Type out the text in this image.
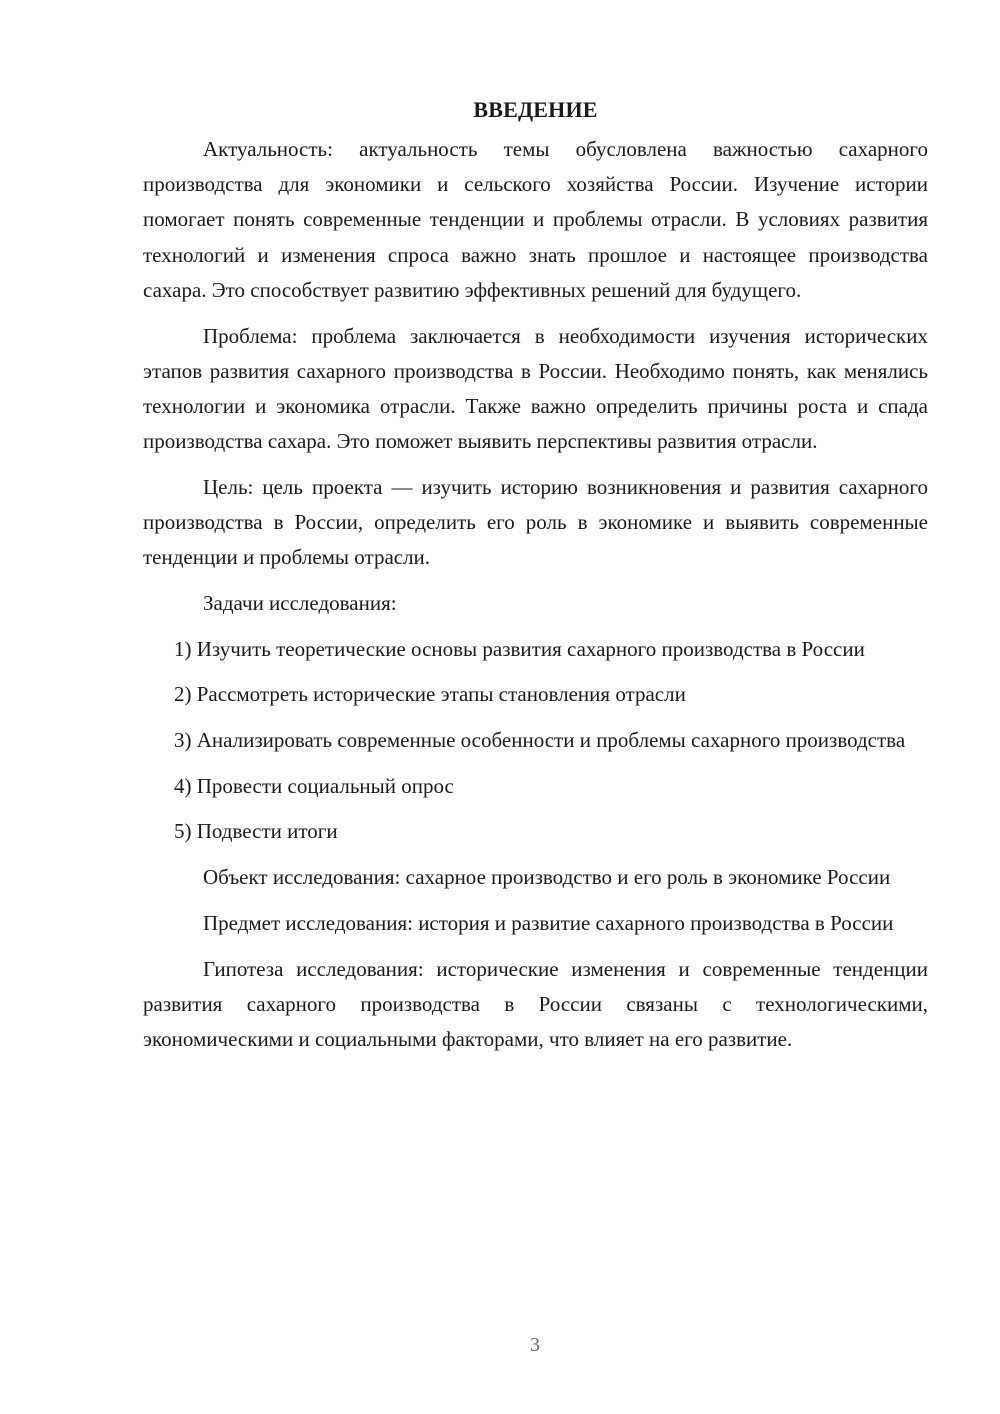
ВВЕДЕНИЕ

Актуальность: актуальность темы обусловлена важностью сахарного производства для экономики и сельского хозяйства России. Изучение истории помогает понять современные тенденции и проблемы отрасли. В условиях развития технологий и изменения спроса важно знать прошлое и настоящее производства сахара. Это способствует развитию эффективных решений для будущего.

Проблема: проблема заключается в необходимости изучения исторических этапов развития сахарного производства в России. Необходимо понять, как менялись технологии и экономика отрасли. Также важно определить причины роста и спада производства сахара. Это поможет выявить перспективы развития отрасли.

Цель: цель проекта — изучить историю возникновения и развития сахарного производства в России, определить его роль в экономике и выявить современные тенденции и проблемы отрасли.

Задачи исследования:

1) Изучить теоретические основы развития сахарного производства в России

2) Рассмотреть исторические этапы становления отрасли

3) Анализировать современные особенности и проблемы сахарного производства

4) Провести социальный опрос

5) Подвести итоги

Объект исследования: сахарное производство и его роль в экономике России

Предмет исследования: история и развитие сахарного производства в России

Гипотеза исследования: исторические изменения и современные тенденции развития сахарного производства в России связаны с технологическими, экономическими и социальными факторами, что влияет на его развитие.

3
